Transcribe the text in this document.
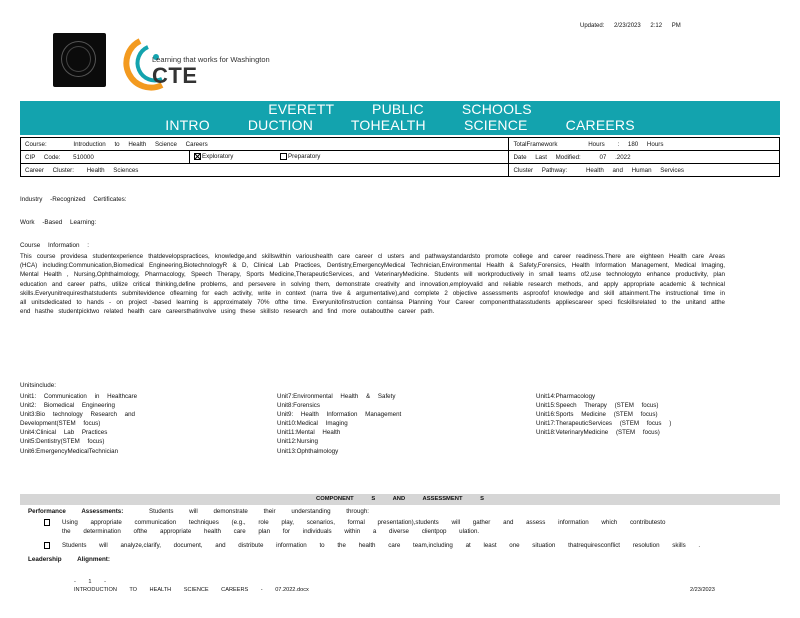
Updated: 2/23/2023 2:12 PM
Learning that works for Washington
CTE
EVERETT PUBLIC SCHOOLS
INTRO DUCTION TOHEALTH SCIENCE CAREERS
Course: Introduction to Health Science Careers		TotalFramework Hours : 180 Hours
CIP Code: 510000	Exploratory Preparatory	Date Last Modified: 07 .2022
Career Cluster: Health Sciences		Cluster Pathway: Health and Human Services
Industry -Recognized Certificates:
Work -Based Learning:
Course Information :
This course providesa studentexperience thatdevelopspractices, knowledge,and skillswithin varioushealth care career cl usters and pathwaystandardsto promote college and career readiness.There are eighteen Health care Areas (HCA) including:Communication,Biomedical Engineering,BiotechnologyR & D, Clinical Lab Practices, Dentistry,EmergencyMedical Technician,Environmental Health & Safety,Forensics, Health Information Management, Medical Imaging, Mental Health , Nursing,Ophthalmology, Pharmacology, Speech Therapy, Sports Medicine,TherapeuticServices, and VeterinaryMedicine. Students will workproductively in small teams of2,use technologyto enhance productivity, plan education and career paths, utilize critical thinking,define problems, and persevere in solving them, demonstrate creativity and innovation,employvalid and reliable research methods, and apply appropriate academic & technical skills.Everyunitrequiresthatstudents submitevidence oflearning for each activity, write in context (narra tive & argumentative),and complete 2 objective assessments asproofof knowledge and skill attainment.The instructional time in all unitsdedicated to hands - on project -based learning is approximately 70% ofthe time. Everyunitofinstruction containsa Planning Your Career componentthatasstudents appliescareer speci ficskillsrelated to the unitand atthe end hasthe studentpicktwo related health care careersthatinvolve using these skillsto research and find more outaboutthe career path.
Unitsinclude:
Unit1: Communication in Healthcare
Unit2: Biomedical Engineering
Unit3:Bio technology Research and
Development(STEM focus)
Unit4:Clinical Lab Practices
Unit5:Dentistry(STEM focus)
Unit6:EmergencyMedicalTechnician
Unit7:Environmental Health & Safety
Unit8:Forensics
Unit9: Health Information Management
Unit10:Medical Imaging
Unit11:Mental Health
Unit12:Nursing
Unit13:Ophthalmology
Unit14:Pharmacology
Unit15:Speech Therapy (STEM focus)
Unit16:Sports Medicine (STEM focus)
Unit17:TherapeuticServices (STEM focus )
Unit18:VeterinaryMedicine (STEM focus)
COMPONENT S AND ASSESSMENT S
Performance Assessments:	Students will demonstrate their understanding through:
Using appropriate communication techniques (e.g., role play, scenarios, formal presentation),students will gather and assess information which contributesto
the determination ofthe appropriate health care plan for individuals within a diverse clientpop ulation.
Students will analyze,clarify, document, and distribute information to the health care team,including at least one situation thatrequiresconflict resolution skills .
Leadership Alignment:
- 1 -
INTRODUCTION TO HEALTH SCIENCE CAREERS - 07.2022.docx	2/23/2023
